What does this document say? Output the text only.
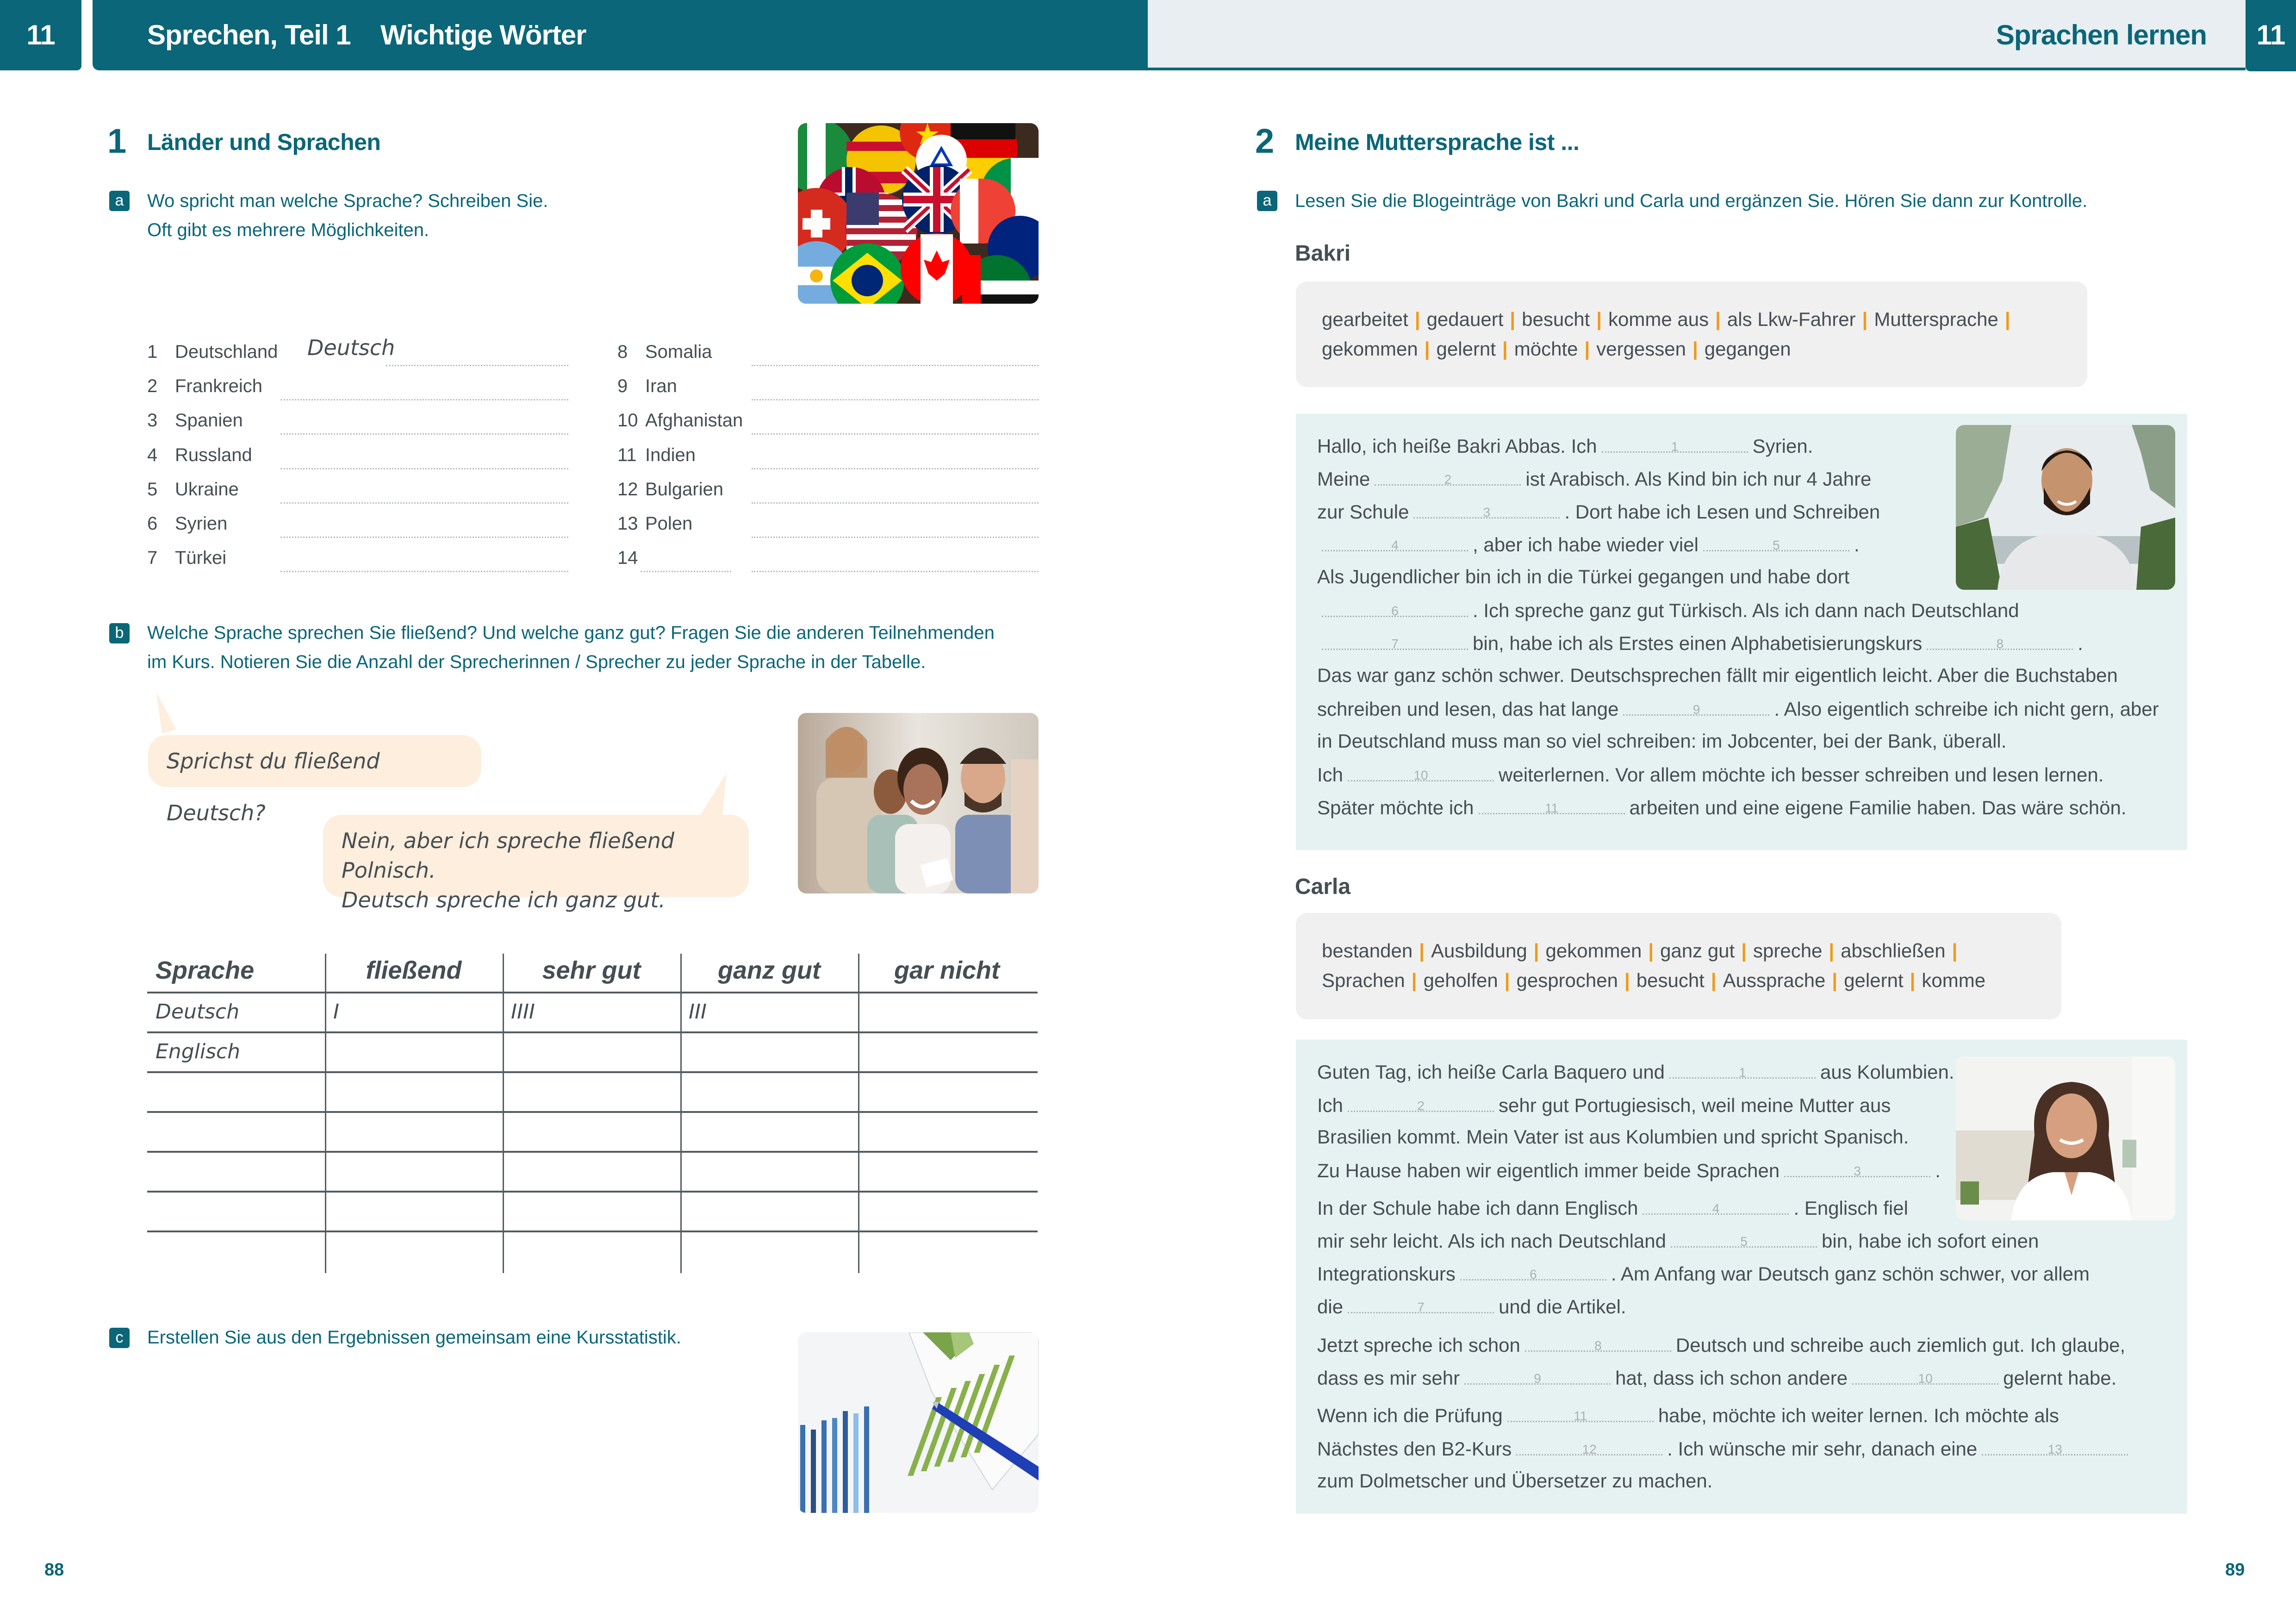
11	Sprechen, Teil 1 Wichtige Wörter	Sprachen lernen	11
1 Länder und Sprachen
a	Wo spricht man welche Sprache? Schreiben Sie.
Oft gibt es mehrere Möglichkeiten.
1 Deutschland Deutsch
2 Frankreich
3 Spanien
4 Russland
5 Ukraine
6 Syrien
7 Türkei
8 Somalia
9 Iran
10 Afghanistan
11 Indien
12 Bulgarien
13 Polen
14
b	Welche Sprache sprechen Sie fließend? Und welche ganz gut? Fragen Sie die anderen Teilnehmenden
im Kurs. Notieren Sie die Anzahl der Sprecherinnen / Sprecher zu jeder Sprache in der Tabelle.
Sprichst du fließend Deutsch?
Nein, aber ich spreche fließend Polnisch.
Deutsch spreche ich ganz gut.
Sprache	fließend	sehr gut	ganz gut	gar nicht
Deutsch	I	IIII	III
Englisch
c	Erstellen Sie aus den Ergebnissen gemeinsam eine Kursstatistik.
88
2 Meine Muttersprache ist ...
a	Lesen Sie die Blogeinträge von Bakri und Carla und ergänzen Sie. Hören Sie dann zur Kontrolle.
Bakri
gearbeitet | gedauert | besucht | komme aus | als Lkw-Fahrer | Muttersprache |
gekommen | gelernt | möchte | vergessen | gegangen
Hallo, ich heiße Bakri Abbas. Ich	1	Syrien.
Meine	2	ist Arabisch. Als Kind bin ich nur 4 Jahre
zur Schule	3	. Dort habe ich Lesen und Schreiben
4	, aber ich habe wieder viel	5	.
Als Jugendlicher bin ich in die Türkei gegangen und habe dort
6	. Ich spreche ganz gut Türkisch. Als ich dann nach Deutschland
7	bin, habe ich als Erstes einen Alphabetisierungskurs	8	.
Das war ganz schön schwer. Deutschsprechen fällt mir eigentlich leicht. Aber die Buchstaben
schreiben und lesen, das hat lange	9	. Also eigentlich schreibe ich nicht gern, aber
in Deutschland muss man so viel schreiben: im Jobcenter, bei der Bank, überall.
Ich	10	weiterlernen. Vor allem möchte ich besser schreiben und lesen lernen.
Später möchte ich	11	arbeiten und eine eigene Familie haben. Das wäre schön.
Carla
bestanden | Ausbildung | gekommen | ganz gut | spreche | abschließen |
Sprachen | geholfen | gesprochen | besucht | Aussprache | gelernt | komme
Guten Tag, ich heiße Carla Baquero und	1	aus Kolumbien.
Ich	2	sehr gut Portugiesisch, weil meine Mutter aus
Brasilien kommt. Mein Vater ist aus Kolumbien und spricht Spanisch.
Zu Hause haben wir eigentlich immer beide Sprachen	3	.
In der Schule habe ich dann Englisch	4	. Englisch fiel
mir sehr leicht. Als ich nach Deutschland	5	bin, habe ich sofort einen
Integrationskurs	6	. Am Anfang war Deutsch ganz schön schwer, vor allem
die	7	und die Artikel.
Jetzt spreche ich schon	8	Deutsch und schreibe auch ziemlich gut. Ich glaube,
dass es mir sehr	9	hat, dass ich schon andere	10	gelernt habe.
Wenn ich die Prüfung	11	habe, möchte ich weiter lernen. Ich möchte als
Nächstes den B2-Kurs	12	. Ich wünsche mir sehr, danach eine	13
zum Dolmetscher und Übersetzer zu machen.
89
